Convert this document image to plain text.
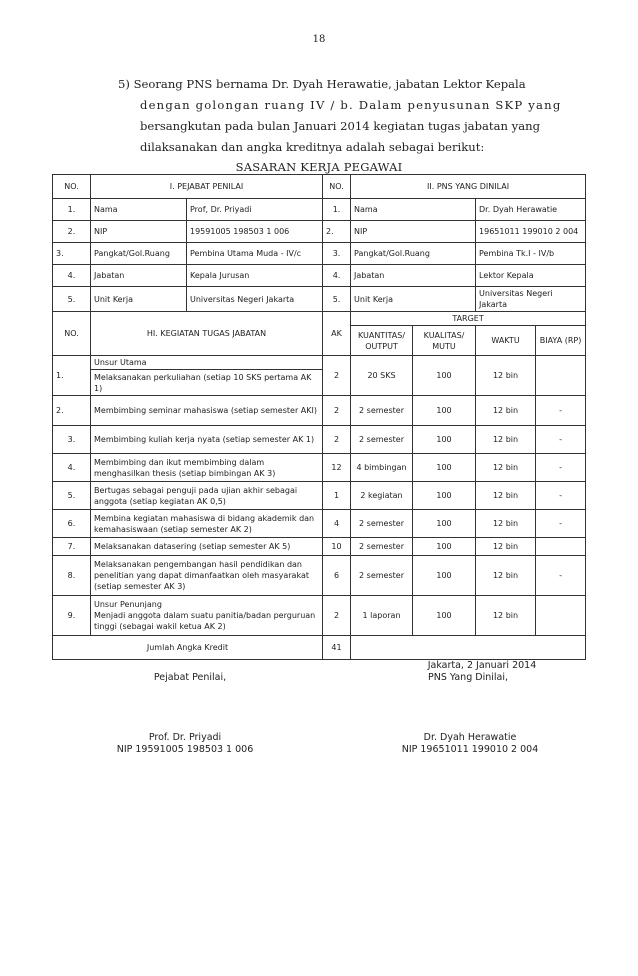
18
5) Seorang PNS bernama Dr. Dyah Herawatie, jabatan Lektor Kepala
dengan golongan ruang IV / b. Dalam penyusunan SKP yang
bersangkutan pada bulan Januari 2014 kegiatan tugas jabatan yang
dilaksanakan dan angka kreditnya adalah sebagai berikut:
SASARAN KERJA PEGAWAI
NO.	I. PEJABAT PENILAI		NO.	II. PNS YANG DINILAI			
1.	Nama	Prof, Dr. Priyadi	1.	Nama		Dr. Dyah Herawatie	
2.	NIP	19591005 198503 1 006	2.	NIP		19651011 199010 2 004	
3.	Pangkat/Gol.Ruang	Pembina Utama Muda - IV/c	3.	Pangkat/Gol.Ruang		Pembina Tk.I - IV/b	
4.	Jabatan	Kepala Jurusan	4.	Jabatan		Lektor Kepala	
5.	Unit Kerja	Universitas Negeri Jakarta	5.	Unit Kerja		Universitas Negeri Jakarta	
NO.	HI. KEGIATAN TUGAS JABATAN		AK	TARGET			
				KUANTITAS/ OUTPUT	KUALITAS/ MUTU	WAKTU	BIAYA (RP)
1.	Unsur Utama
Melaksanakan perkuliahan (setiap 10 SKS pertama AK 1)		2	20 SKS	100	12 bin	
2.	Membimbing seminar mahasiswa (setiap semester AKI)		2	2 semester	100	12 bin	-
3.	Membimbing kuliah kerja nyata (setiap semester AK 1)		2	2 semester	100	12 bin	-
4.	Membimbing dan ikut membimbing dalam menghasilkan thesis (setiap bimbingan AK 3)		12	4 bimbingan	100	12 bin	-
5.	Bertugas sebagai penguji pada ujian akhir sebagai anggota (setiap kegiatan AK 0,5)		1	2 kegiatan	100	12 bin	-
6.	Membina kegiatan mahasiswa di bidang akademik dan kemahasiswaan (setiap semester AK 2)		4	2 semester	100	12 bin	-
7.	Melaksanakan datasering (setiap semester AK 5)		10	2 semester	100	12 bin	
8.	Melaksanakan pengembangan hasil pendidikan dan penelitian yang dapat dimanfaatkan oleh masyarakat (setiap semester AK 3)		6	2 semester	100	12 bin	-
9.	Unsur Penunjang
Menjadi anggota dalam suatu panitia/badan perguruan tinggi (sebagai wakil ketua AK 2)		2	1 laporan	100	12 bin	
Jumlah Angka Kredit			41				
Jakarta, 2 Januari 2014
Pejabat Penilai,	PNS Yang Dinilai,
Prof. Dr. Priyadi
NIP 19591005 198503 1 006
Dr. Dyah Herawatie
NIP 19651011 199010 2 004
